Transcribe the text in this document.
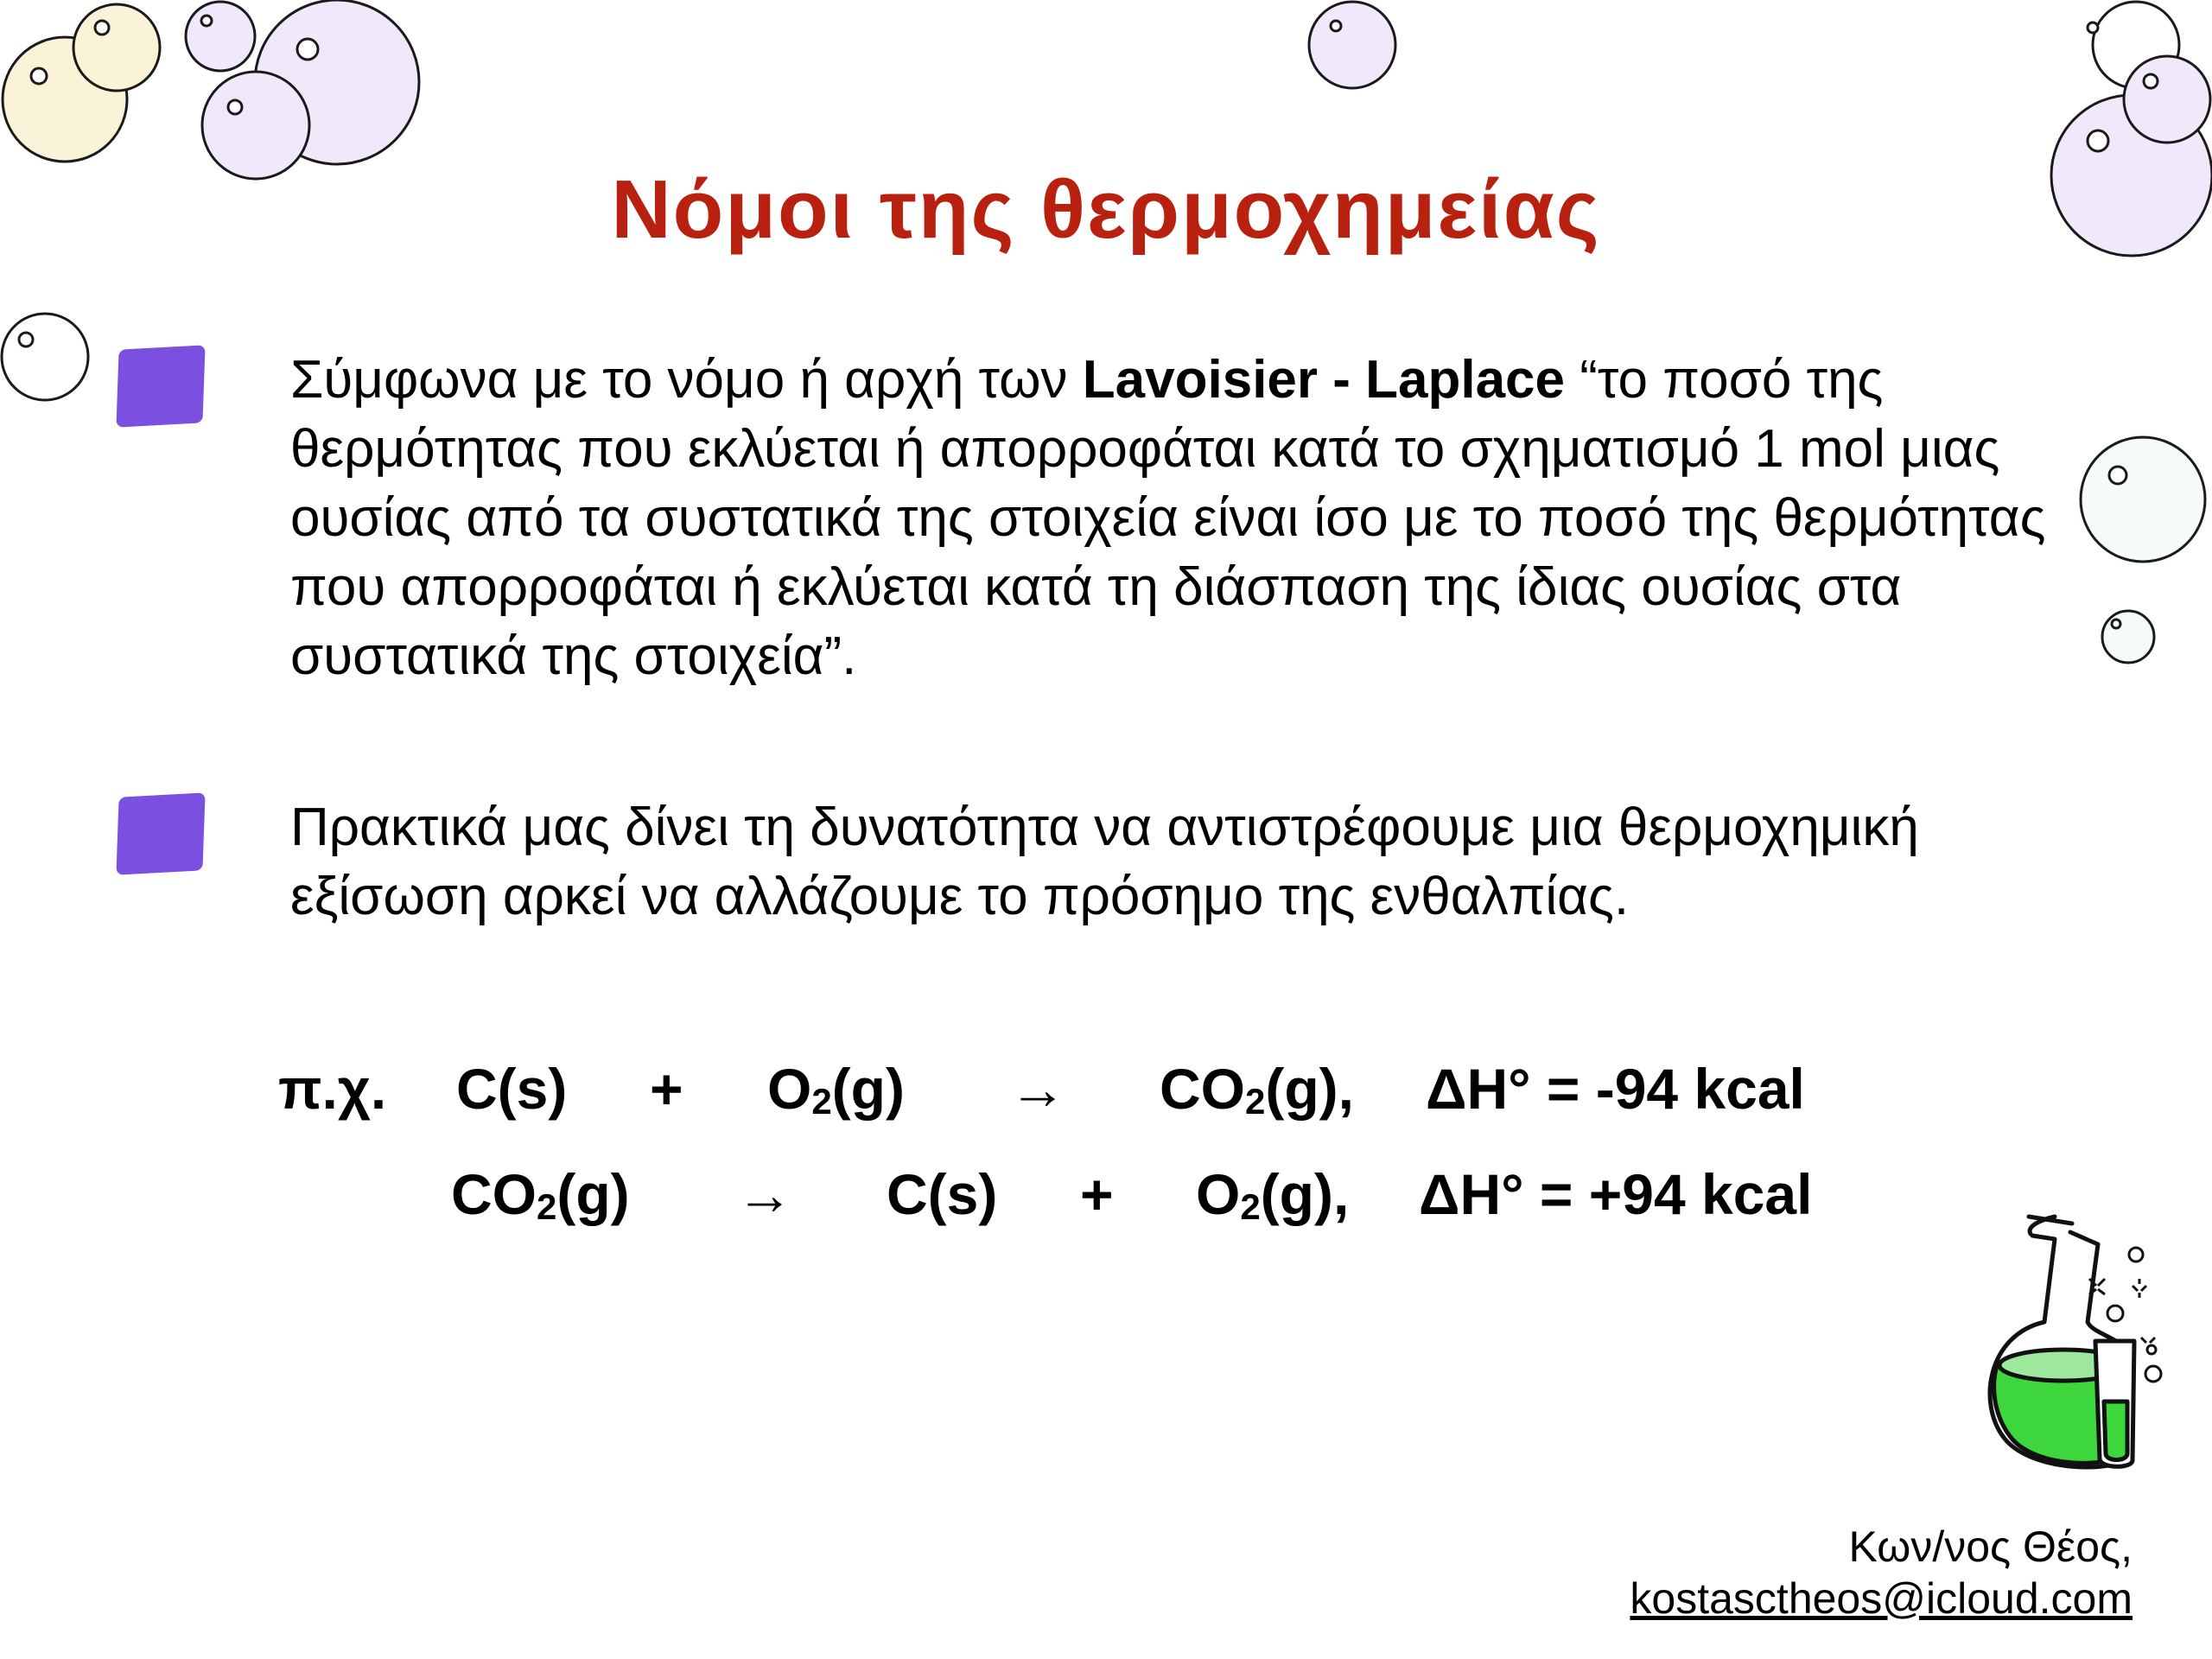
Νόμοι της θερμοχημείας

Σύμφωνα με το νόμο ή αρχή των Lavoisier - Laplace “το ποσό της θερμότητας που εκλύεται ή απορροφάται κατά το σχηματισμό 1 mol μιας ουσίας από τα συστατικά της στοιχεία είναι ίσο με το ποσό της θερμότητας που απορροφάται ή εκλύεται κατά τη διάσπαση της ίδιας ουσίας στα συστατικά της στοιχεία”.

Πρακτικά μας δίνει τη δυνατότητα να αντιστρέφουμε μια θερμοχημική εξίσωση αρκεί να αλλάζουμε το πρόσημο της ενθαλπίας.

π.χ. $C(s) + O_2(g) \to CO_2(g)$, ΔH° = -94 kcal
$CO_2(g) \to C(s) + O_2(g)$, ΔH° = +94 kcal
Κων/νος Θέος,
kostasctheos@icloud.com
